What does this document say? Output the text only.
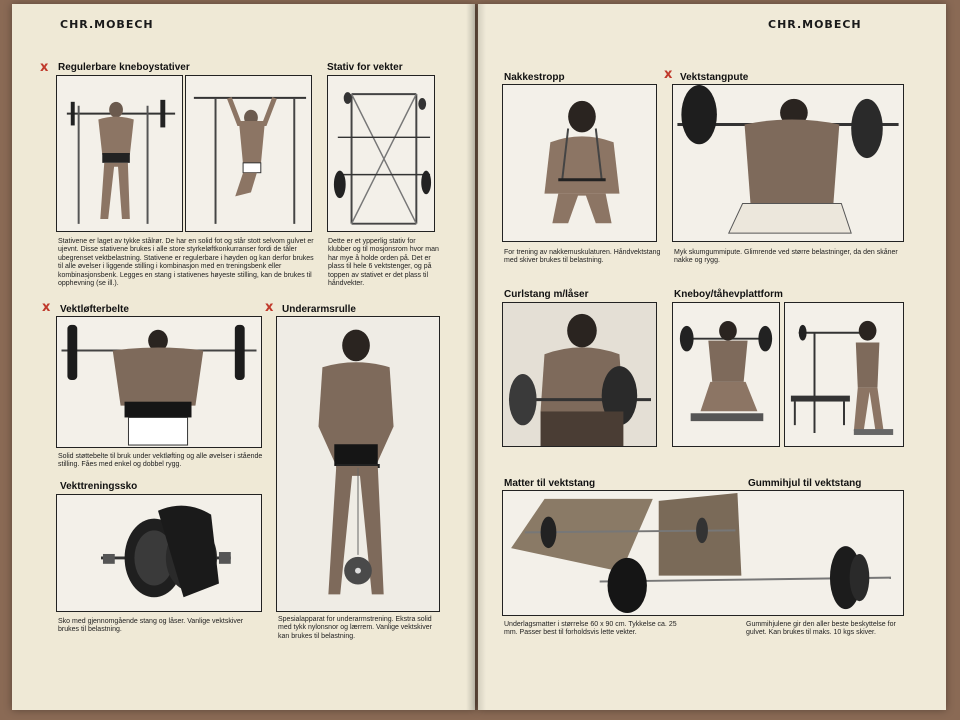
CHR.MOBECH
x Regulerbare kneboystativer
Stativene er laget av tykke stålrør. De har en solid fot og står stott selvom gulvet er ujevnt. Disse stativene brukes i alle store styrkeløftkonkurranser fordi de tåler ubegrenset vektbelastning. Stativene er regulerbare i høyden og kan derfor brukes til alle øvelser i liggende stilling i kombinasjon med en treningsbenk eller kombinasjonsbenk. Legges en stang i stativenes høyeste stilling, kan de brukes til opphevning (se ill.).
Stativ for vekter
Dette er et ypperlig stativ for klubber og til mosjonsrom hvor man har mye å holde orden på. Det er plass til hele 6 vektstenger, og på toppen av stativet er det plass til håndvekter.
x Vektløfterbelte
Solid støttebelte til bruk under vektløfting og alle øvelser i stående stilling. Fåes med enkel og dobbel rygg.
x Underarmsrulle
Spesialapparat for underarmstrening. Ekstra solid med tykk nylonsnor og lærrem. Vanlige vektskiver kan brukes til belastning.
Vekttreningssko
Sko med gjennomgående stang og låser. Vanlige vektskiver brukes til belastning.
CHR.MOBECH
Nakkestropp
For trening av nakkemuskulaturen. Håndvektstang med skiver brukes til belastning.
x Vektstangpute
Myk skumgummipute. Glimrende ved større belastninger, da den skåner nakke og rygg.
Curlstang m/låser	Kneboy/tåhevplattform
Matter til vektstang	Gummihjul til vektstang
Underlagsmatter i størrelse 60 x 90 cm. Tykkelse ca. 25 mm. Passer best til forholdsvis lette vekter.
Gummihjulene gir den aller beste beskyttelse for gulvet. Kan brukes til maks. 10 kgs skiver.
